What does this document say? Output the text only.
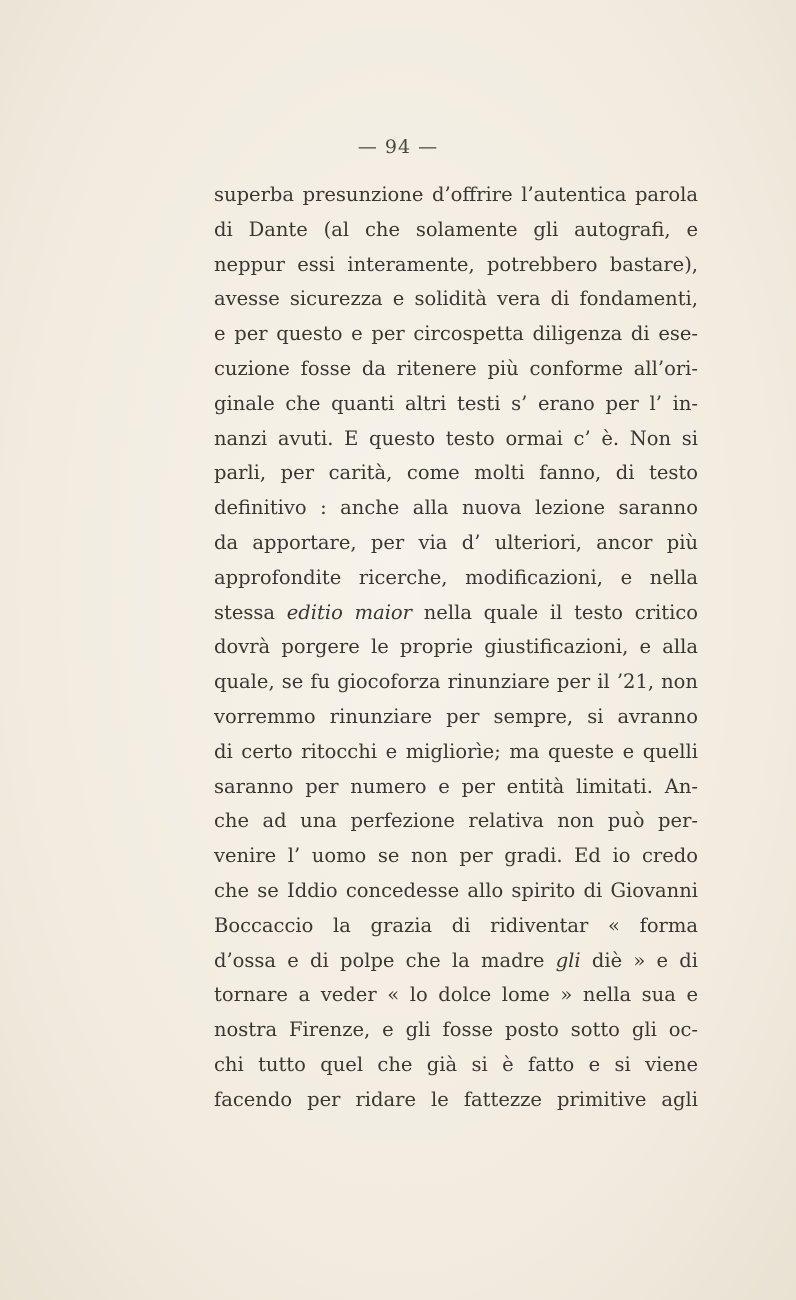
— 94 —
superba presunzione d’offrire l’autentica parola
di Dante (al che solamente gli autografi, e
neppur essi interamente, potrebbero bastare),
avesse sicurezza e solidità vera di fondamenti,
e per questo e per circospetta diligenza di ese-
cuzione fosse da ritenere più conforme all’ori-
ginale che quanti altri testi s’ erano per l’ in-
nanzi avuti. E questo testo ormai c’ è. Non si
parli, per carità, come molti fanno, di testo
definitivo : anche alla nuova lezione saranno
da apportare, per via d’ ulteriori, ancor più
approfondite ricerche, modificazioni, e nella
stessa editio maior nella quale il testo critico
dovrà porgere le proprie giustificazioni, e alla
quale, se fu giocoforza rinunziare per il ’21, non
vorremmo rinunziare per sempre, si avranno
di certo ritocchi e migliorìe; ma queste e quelli
saranno per numero e per entità limitati. An-
che ad una perfezione relativa non può per-
venire l’ uomo se non per gradi. Ed io credo
che se Iddio concedesse allo spirito di Giovanni
Boccaccio la grazia di ridiventar « forma
d’ossa e di polpe che la madre gli diè » e di
tornare a veder « lo dolce lome » nella sua e
nostra Firenze, e gli fosse posto sotto gli oc-
chi tutto quel che già si è fatto e si viene
facendo per ridare le fattezze primitive agli
